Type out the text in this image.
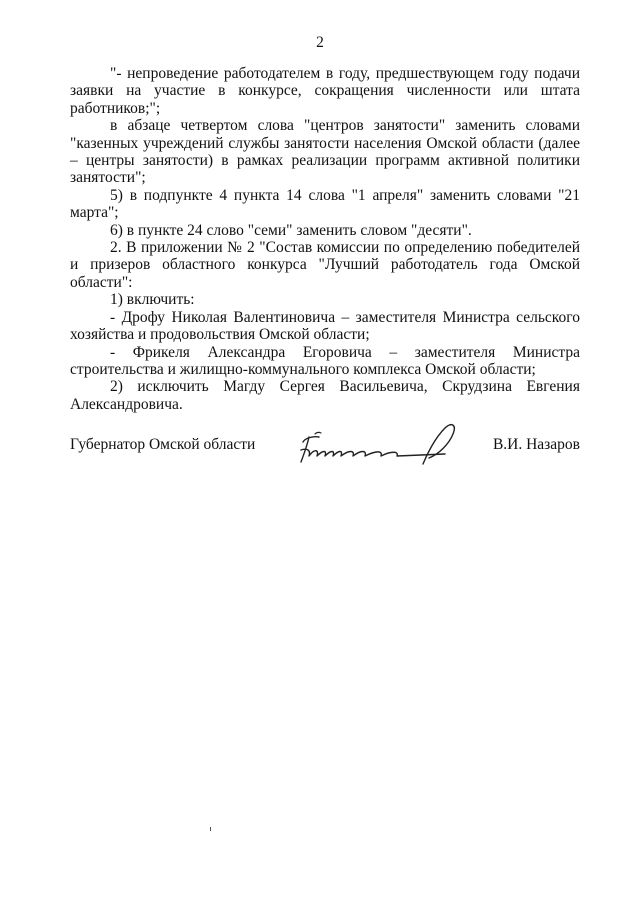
2

"- непроведение работодателем в году, предшествующем году подачи заявки на участие в конкурсе, сокращения численности или штата работников;";

в абзаце четвертом слова "центров занятости" заменить словами "казенных учреждений службы занятости населения Омской области (далее – центры занятости) в рамках реализации программ активной политики занятости";

5) в подпункте 4 пункта 14 слова "1 апреля" заменить словами "21 марта";

6) в пункте 24 слово "семи" заменить словом "десяти".

2. В приложении № 2 "Состав комиссии по определению победителей и призеров областного конкурса "Лучший работодатель года Омской области":

1) включить:

- Дрофу Николая Валентиновича – заместителя Министра сельского хозяйства и продовольствия Омской области;

- Фрикеля Александра Егоровича – заместителя Министра строительства и жилищно-коммунального комплекса Омской области;

2) исключить Магду Сергея Васильевича, Скрудзина Евгения Александровича.

Губернатор Омской области	В.И. Назаров
